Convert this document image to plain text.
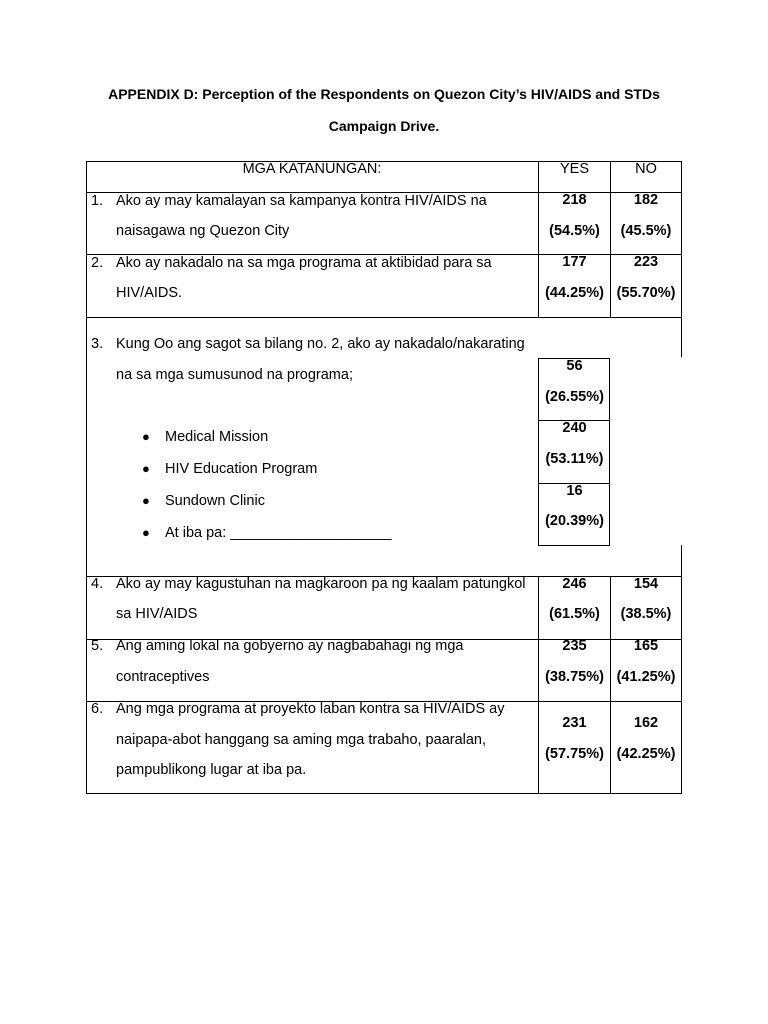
APPENDIX D: Perception of the Respondents on Quezon City’s HIV/AIDS and STDs
Campaign Drive.
MGA KATANUNGAN:	YES	NO
1. Ako ay may kamalayan sa kampanya kontra HIV/AIDS na
naisagawa ng Quezon City
218
(54.5%)
182
(45.5%)
2. Ako ay nakadalo na sa mga programa at aktibidad para sa
HIV/AIDS.
177
(44.25%)
223
(55.70%)
3. Kung Oo ang sagot sa bilang no. 2, ako ay nakadalo/nakarating
na sa mga sumusunod na programa;
● Medical Mission
● HIV Education Program
● Sundown Clinic
● At iba pa: ____________________
56
(26.55%)
240
(53.11%)
16
(20.39%)
4. Ako ay may kagustuhan na magkaroon pa ng kaalam patungkol
sa HIV/AIDS
246
(61.5%)
154
(38.5%)
5. Ang aming lokal na gobyerno ay nagbabahagi ng mga
contraceptives
235
(38.75%)
165
(41.25%)
6. Ang mga programa at proyekto laban kontra sa HIV/AIDS ay
naipapa-abot hanggang sa aming mga trabaho, paaralan,
pampublikong lugar at iba pa.
231
(57.75%)
162
(42.25%)
